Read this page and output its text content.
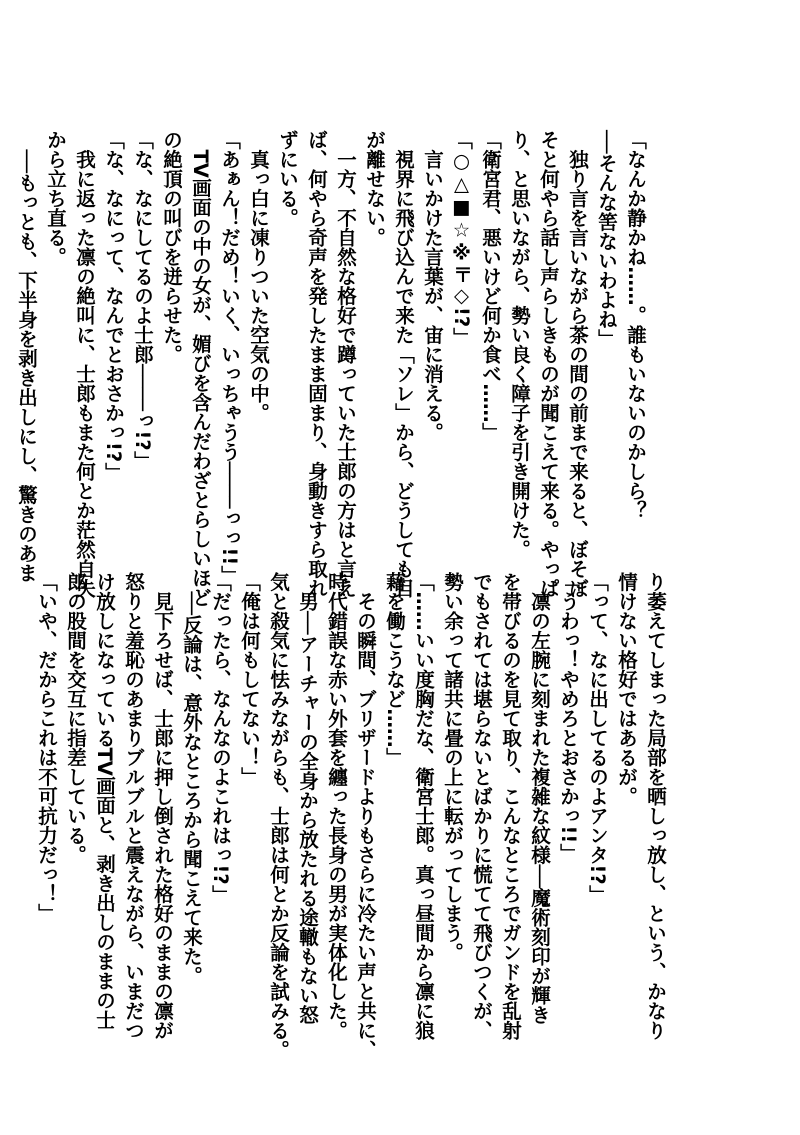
「なんか静かね……。誰もいないのかしら？
──そんな筈ないわよね」
　独り言を言いながら茶の間の前まで来ると、ぼそぼ
そと何やら話し声らしきものが聞こえて来る。やっぱ
り、と思いながら、勢い良く障子を引き開けた。
「衛宮君、悪いけど何か食べ……」
「○△■☆※〒◇!?」
　言いかけた言葉が、宙に消える。
　視界に飛び込んで来た「ソレ」から、どうしても目
が離せない。
　一方、不自然な格好で蹲っていた士郎の方はと言え
ば、何やら奇声を発したまま固まり、身動きすら取れ
ずにいる。
　真っ白に凍りついた空気の中。
「あぁん！だめ！いく、いっちゃうう────っっ!!」
　TV画面の中の女が、媚びを含んだわざとらしいほど
の絶頂の叫びを迸らせた。
「な、なにしてるのよ士郎────っ!?」
「な、なにって、なんでとおさかっ!?」
　我に返った凛の絶叫に、士郎もまた何とか茫然自失
から立ち直る。
　──もっとも、下半身を剥き出しにし、驚きのあま
り萎えてしまった局部を晒しっ放し、という、かなり
情けない格好ではあるが。
「って、なに出してるのよアンタ!?」
「うわっ！やめろとおさかっ!!」
　凛の左腕に刻まれた複雑な紋様──魔術刻印が輝き
を帯びるのを見て取り、こんなところでガンドを乱射
でもされては堪らないとばかりに慌てて飛びつくが、
勢い余って諸共に畳の上に転がってしまう。
「……いい度胸だな、衛宮士郎。真っ昼間から凛に狼
藉を働こうなど……」
　その瞬間、ブリザードよりもさらに冷たい声と共に、
時代錯誤な赤い外套を纏った長身の男が実体化した。
　男──アーチャーの全身から放たれる途轍もない怒
気と殺気に怯みながらも、士郎は何とか反論を試みる。
「俺は何もしてない！」
「だったら、なんなのよこれはっ!?」
　──反論は、意外なところから聞こえて来た。
　見下ろせば、士郎に押し倒された格好のままの凛が
怒りと羞恥のあまりブルブルと震えながら、いまだつ
け放しになっているTV画面と、剥き出しのままの士
郎の股間を交互に指差している。
「いや、だからこれは不可抗力だっ！」
